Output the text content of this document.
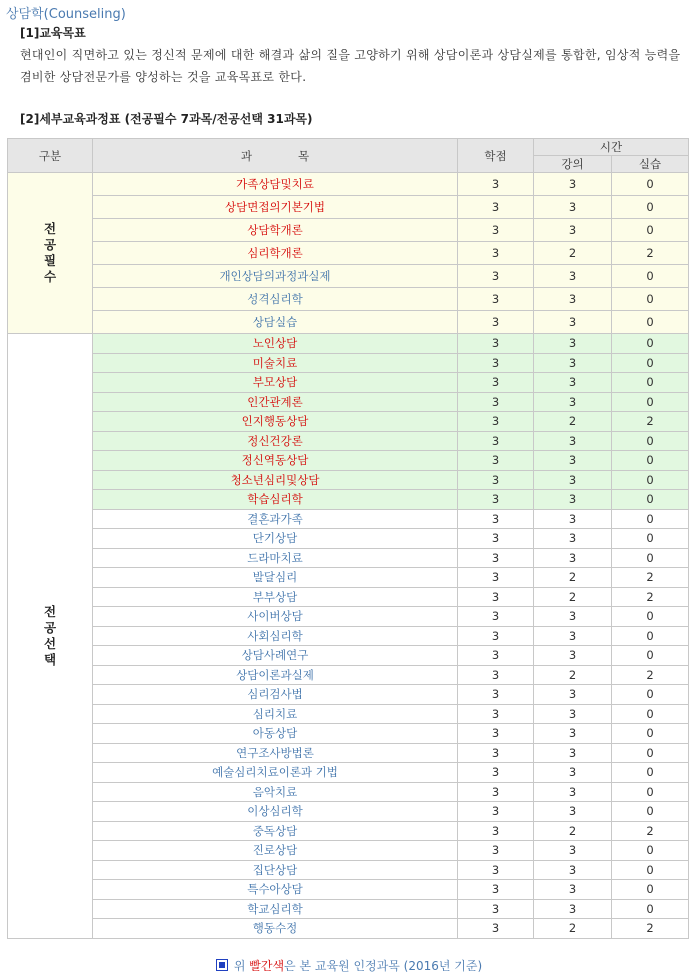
상담학(Counseling)
[1]교육목표
현대인이 직면하고 있는 정신적 문제에 대한 해결과 삶의 질을 고양하기 위해 상담이론과 상담실제를 통합한, 임상적 능력을 겸비한 상담전문가를 양성하는 것을 교육목표로 한다.
[2]세부교육과정표 (전공필수 7과목/전공선택 31과목)
구분	과　　　　목	학점	시간	
			강의	실습
전
공
필
수	가족상담및치료	3	3	0
	상담면접의기본기법	3	3	0
	상담학개론	3	3	0
	심리학개론	3	2	2
	개인상담의과정과실제	3	3	0
	성격심리학	3	3	0
	상담실습	3	3	0
전
공
선
택	노인상담	3	3	0
	미술치료	3	3	0
	부모상담	3	3	0
	인간관계론	3	3	0
	인지행동상담	3	2	2
	정신건강론	3	3	0
	정신역동상담	3	3	0
	청소년심리및상담	3	3	0
	학습심리학	3	3	0
	결혼과가족	3	3	0
	단기상담	3	3	0
	드라마치료	3	3	0
	발달심리	3	2	2
	부부상담	3	2	2
	사이버상담	3	3	0
	사회심리학	3	3	0
	상담사례연구	3	3	0
	상담이론과실제	3	2	2
	심리검사법	3	3	0
	심리치료	3	3	0
	아동상담	3	3	0
	연구조사방법론	3	3	0
	예술심리치료이론과 기법	3	3	0
	음악치료	3	3	0
	이상심리학	3	3	0
	중독상담	3	2	2
	진로상담	3	3	0
	집단상담	3	3	0
	특수아상담	3	3	0
	학교심리학	3	3	0
	행동수정	3	2	2
위 빨간색은 본 교육원 인정과목 (2016년 기준)
